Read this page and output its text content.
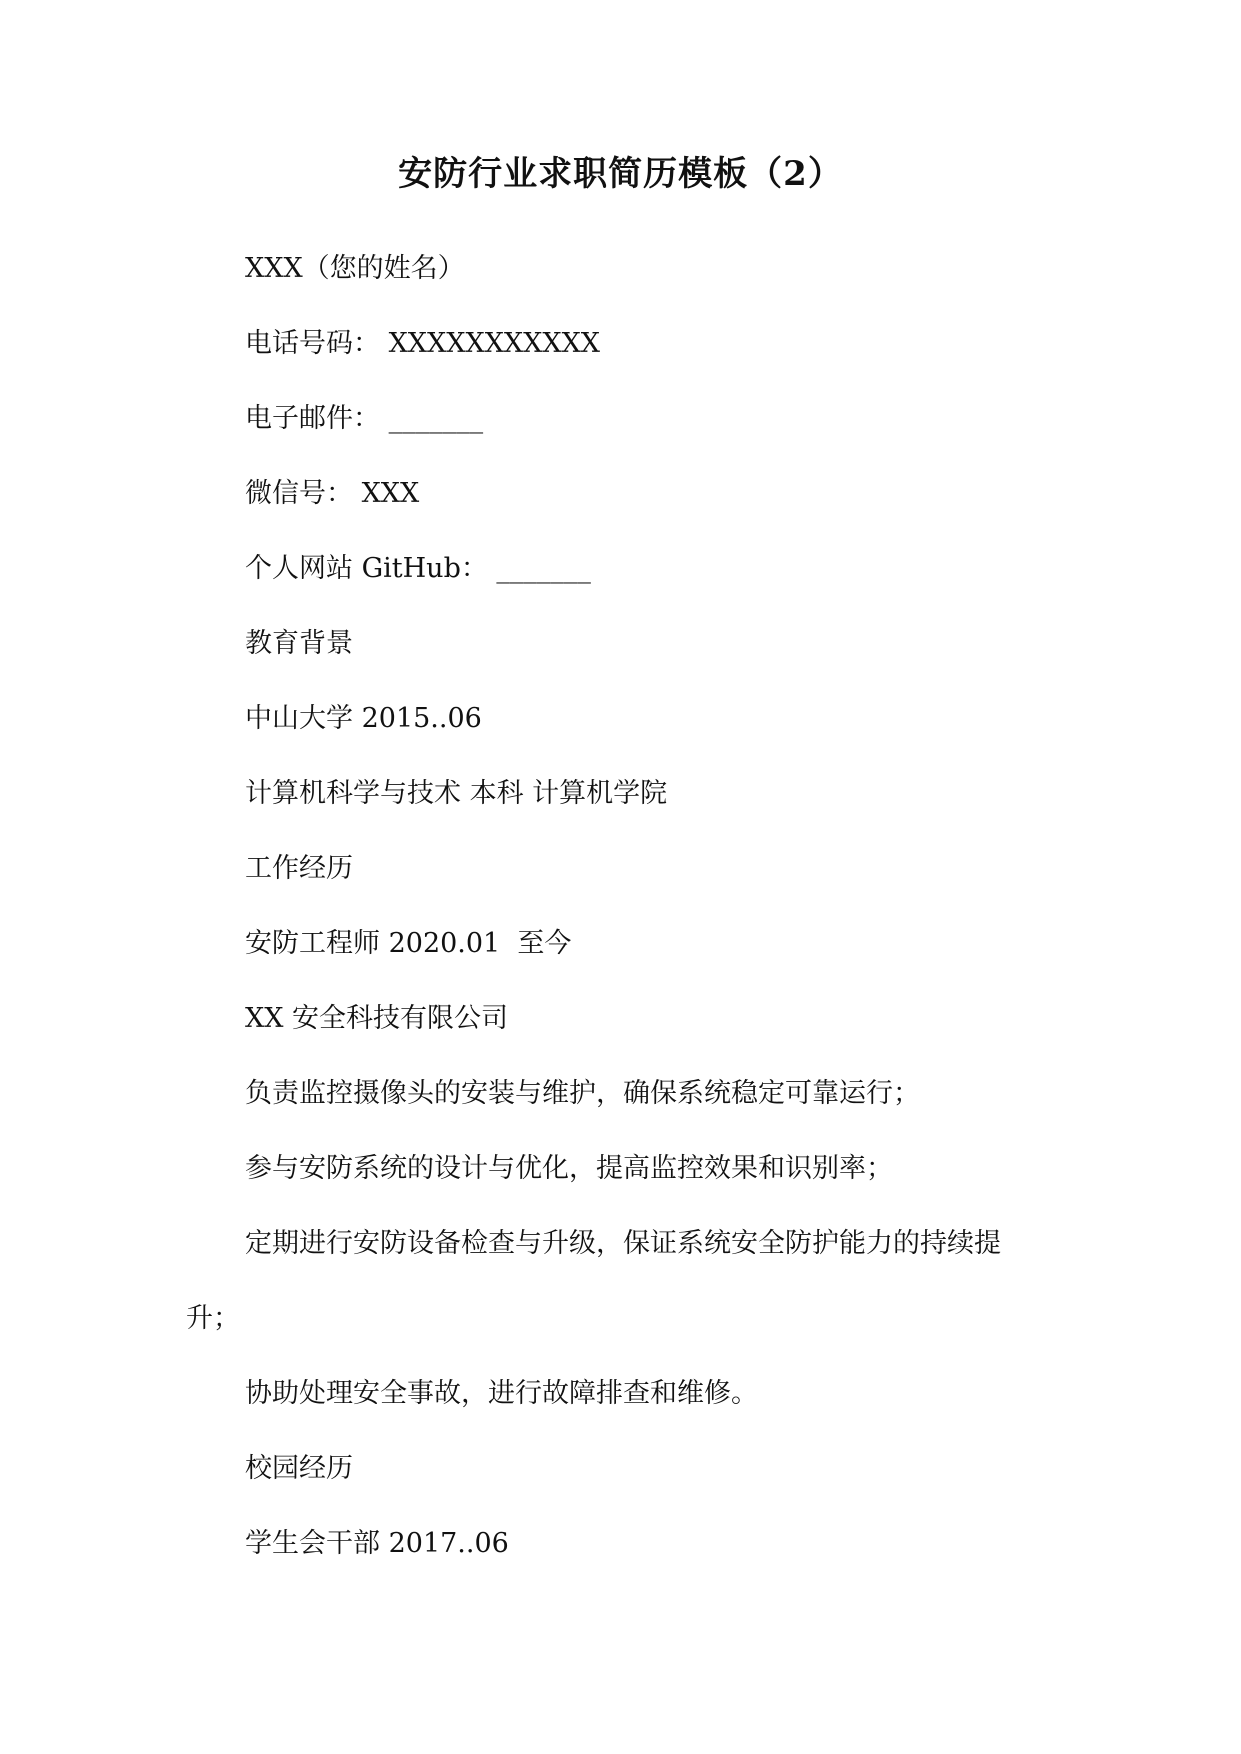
安防行业求职简历模板（2）
XXX（您的姓名）
电话号码： XXXXXXXXXXX
电子邮件： _______
微信号： XXX
个人网站 GitHub： _______
教育背景
中山大学 2015..06
计算机科学与技术 本科 计算机学院
工作经历
安防工程师 2020.01  至今
XX 安全科技有限公司
负责监控摄像头的安装与维护，确保系统稳定可靠运行；
参与安防系统的设计与优化，提高监控效果和识别率；
定期进行安防设备检查与升级，保证系统安全防护能力的持续提
升；
协助处理安全事故，进行故障排查和维修。
校园经历
学生会干部 2017..06
